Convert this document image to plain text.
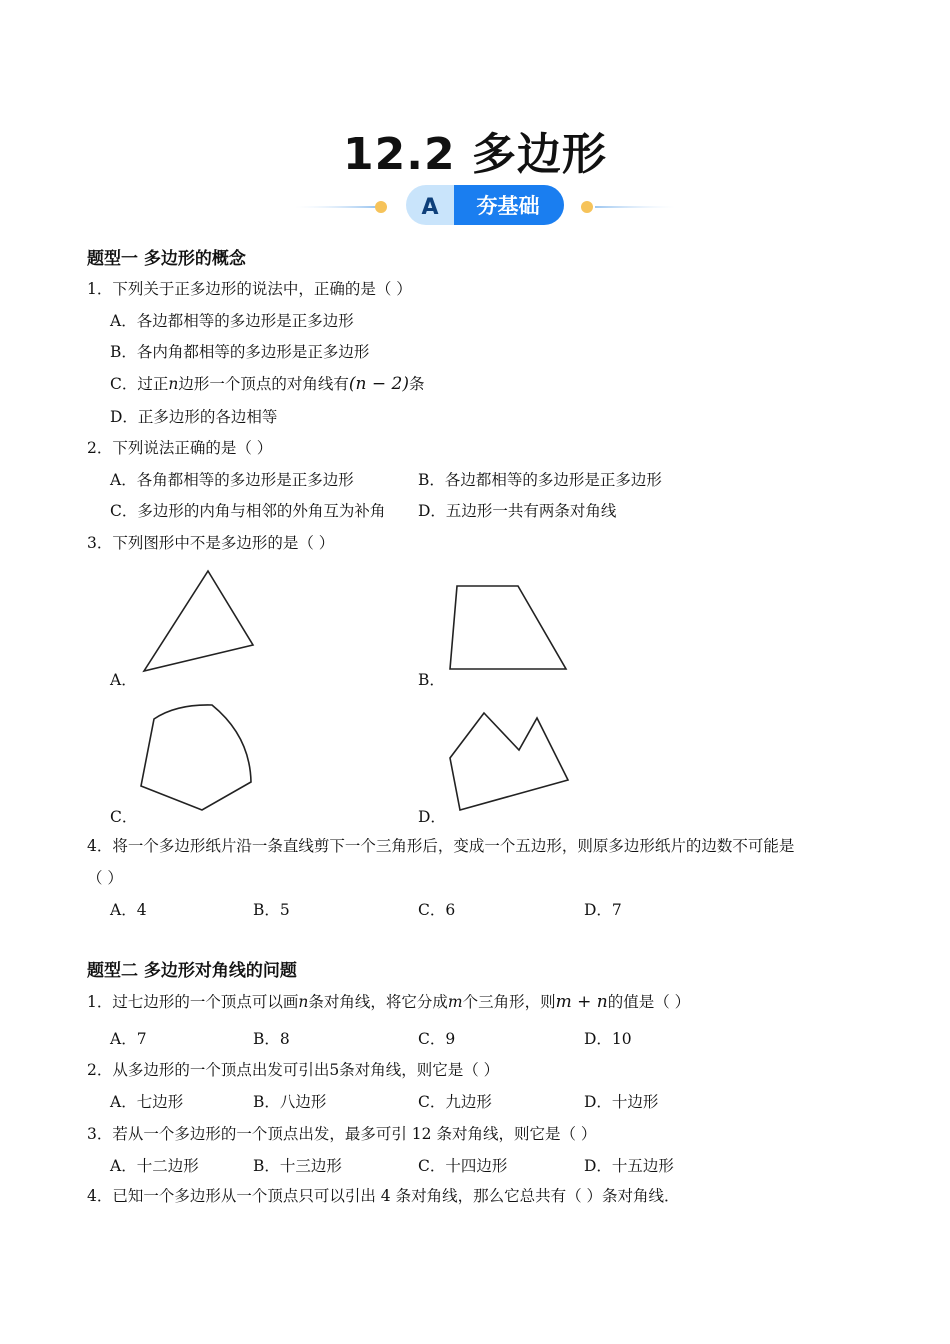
12.2 多边形
A 夯基础
题型一 多边形的概念
1．下列关于正多边形的说法中，正确的是（ ）
A．各边都相等的多边形是正多边形
B．各内角都相等的多边形是正多边形
C．过正n边形一个顶点的对角线有(n − 2)条
D．正多边形的各边相等
2．下列说法正确的是（ ）
A．各角都相等的多边形是正多边形	B．各边都相等的多边形是正多边形
C．多边形的内角与相邻的外角互为补角 D．五边形一共有两条对角线
3．下列图形中不是多边形的是（ ）
A．	B．
C．	D．
4．将一个多边形纸片沿一条直线剪下一个三角形后，变成一个五边形，则原多边形纸片的边数不可能是
（ ）
A．4	B．5	C．6	D．7
题型二 多边形对角线的问题
1．过七边形的一个顶点可以画n条对角线，将它分成m个三角形，则m + n的值是（ ）
A．7	B．8	C．9	D．10
2．从多边形的一个顶点出发可引出5条对角线，则它是（ ）
A．七边形	B．八边形	C．九边形	D．十边形
3．若从一个多边形的一个顶点出发，最多可引 12 条对角线，则它是（ ）
A．十二边形	B．十三边形	C．十四边形	D．十五边形
4．已知一个多边形从一个顶点只可以引出 4 条对角线，那么它总共有（ ）条对角线．
